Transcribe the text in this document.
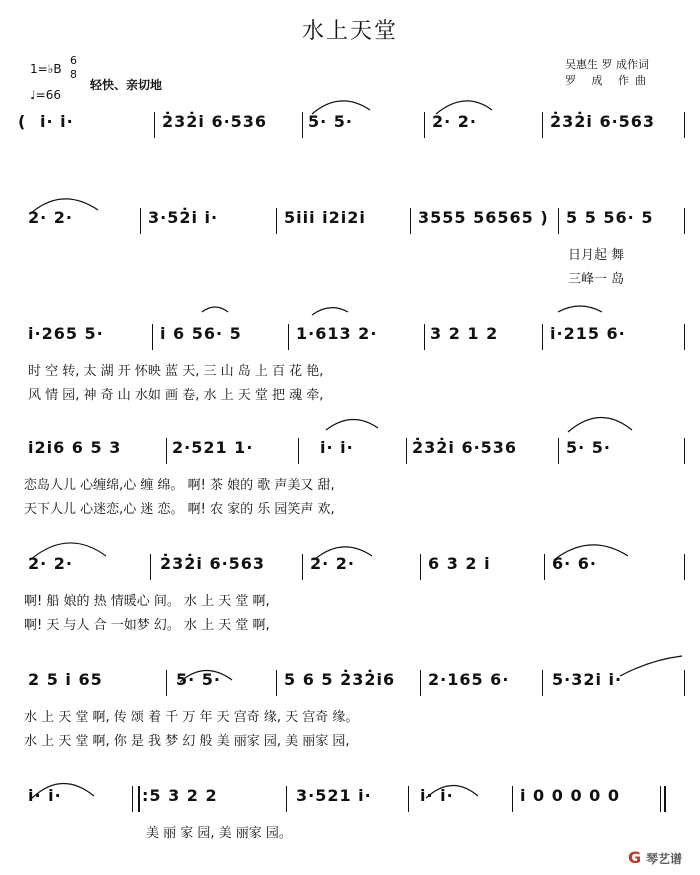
水上天堂
吴惠生 罗 成作词
罗 成 作曲
1=♭B
6
8
♩=66
轻快、亲切地
( i· i·	2̇32̇i 6·536	5· 5·	2· 2·	2̇32̇i 6·563
2· 2·	3·52̇i i·	5iii i2i2i	3555 56565 ) 5 5 56· 5
日月起 舞
三峰一 岛
i·265 5·	i 6 56· 5	1·613 2·	3 2 1 2	i·215 6·
时 空 转, 太 湖 开 怀映 蓝 天, 三 山 岛 上 百 花 艳,
风 情 园, 神 奇 山 水如 画 卷, 水 上 天 堂 把 魂 牵,
i2i6 6 5 3	2·521 1·	i· i·	2̇32̇i 6·536	5· 5·
恋岛人儿 心缠绵,心 缠 绵。 啊! 茶 娘的 歌 声美又 甜,
天下人儿 心迷恋,心 迷 恋。 啊! 农 家的 乐 园笑声 欢,
2· 2·	2̇32̇i 6·563	2· 2·	6 3 2 i	6· 6·
啊! 船 娘的 热 情暖心 间。 水 上 天 堂 啊,
啊! 天 与人 合 一如梦 幻。 水 上 天 堂 啊,
2 5 i 65	5· 5·	5 6 5 2̇32̇i6 2·165 6·	5·32i i·
水 上 天 堂 啊, 传 颂 着 千 万 年 天 宫奇 缘, 天 宫奇 缘。
水 上 天 堂 啊, 你 是 我 梦 幻 般 美 丽家 园, 美 丽家 园,
i· i·	:5 3 2 2	3·521 i·	i· i·	i 0 0 0 0 0
美 丽 家 园, 美 丽家 园。
G 琴艺谱
